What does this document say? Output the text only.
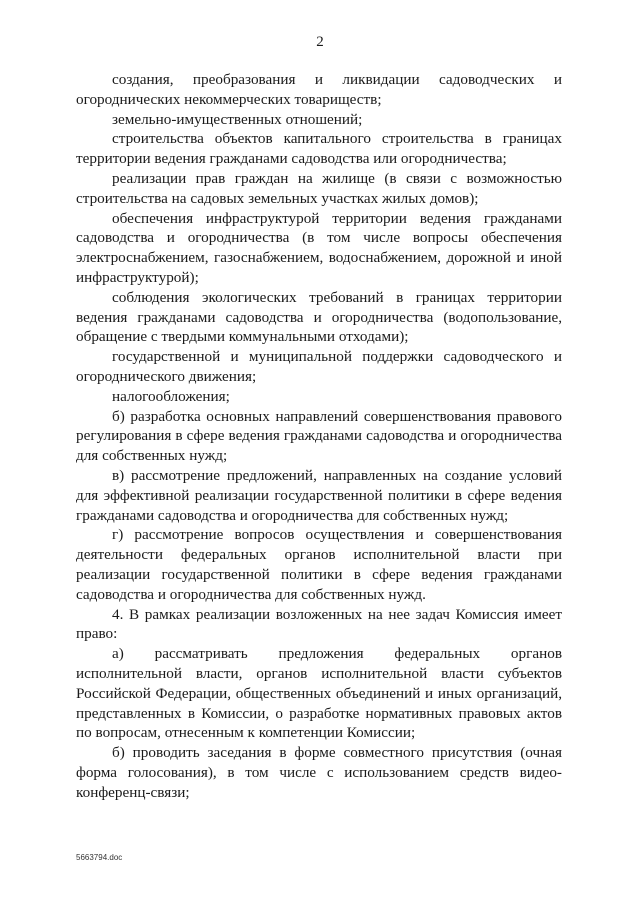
2

создания, преобразования и ликвидации садоводческих и огороднических некоммерческих товариществ;

земельно-имущественных отношений;

строительства объектов капитального строительства в границах территории ведения гражданами садоводства или огородничества;

реализации прав граждан на жилище (в связи с возможностью строительства на садовых земельных участках жилых домов);

обеспечения инфраструктурой территории ведения гражданами садоводства и огородничества (в том числе вопросы обеспечения электроснабжением, газоснабжением, водоснабжением, дорожной и иной инфраструктурой);

соблюдения экологических требований в границах территории ведения гражданами садоводства и огородничества (водопользование, обращение с твердыми коммунальными отходами);

государственной и муниципальной поддержки садоводческого и огороднического движения;

налогообложения;

б) разработка основных направлений совершенствования правового регулирования в сфере ведения гражданами садоводства и огородничества для собственных нужд;

в) рассмотрение предложений, направленных на создание условий для эффективной реализации государственной политики в сфере ведения гражданами садоводства и огородничества для собственных нужд;

г) рассмотрение вопросов осуществления и совершенствования деятельности федеральных органов исполнительной власти при реализации государственной политики в сфере ведения гражданами садоводства и огородничества для собственных нужд.

4. В рамках реализации возложенных на нее задач Комиссия имеет право:

а) рассматривать предложения федеральных органов исполнительной власти, органов исполнительной власти субъектов Российской Федерации, общественных объединений и иных организаций, представленных в Комиссии, о разработке нормативных правовых актов по вопросам, отнесенным к компетенции Комиссии;

б) проводить заседания в форме совместного присутствия (очная форма голосования), в том числе с использованием средств видео-конференц-связи;

5663794.doc
